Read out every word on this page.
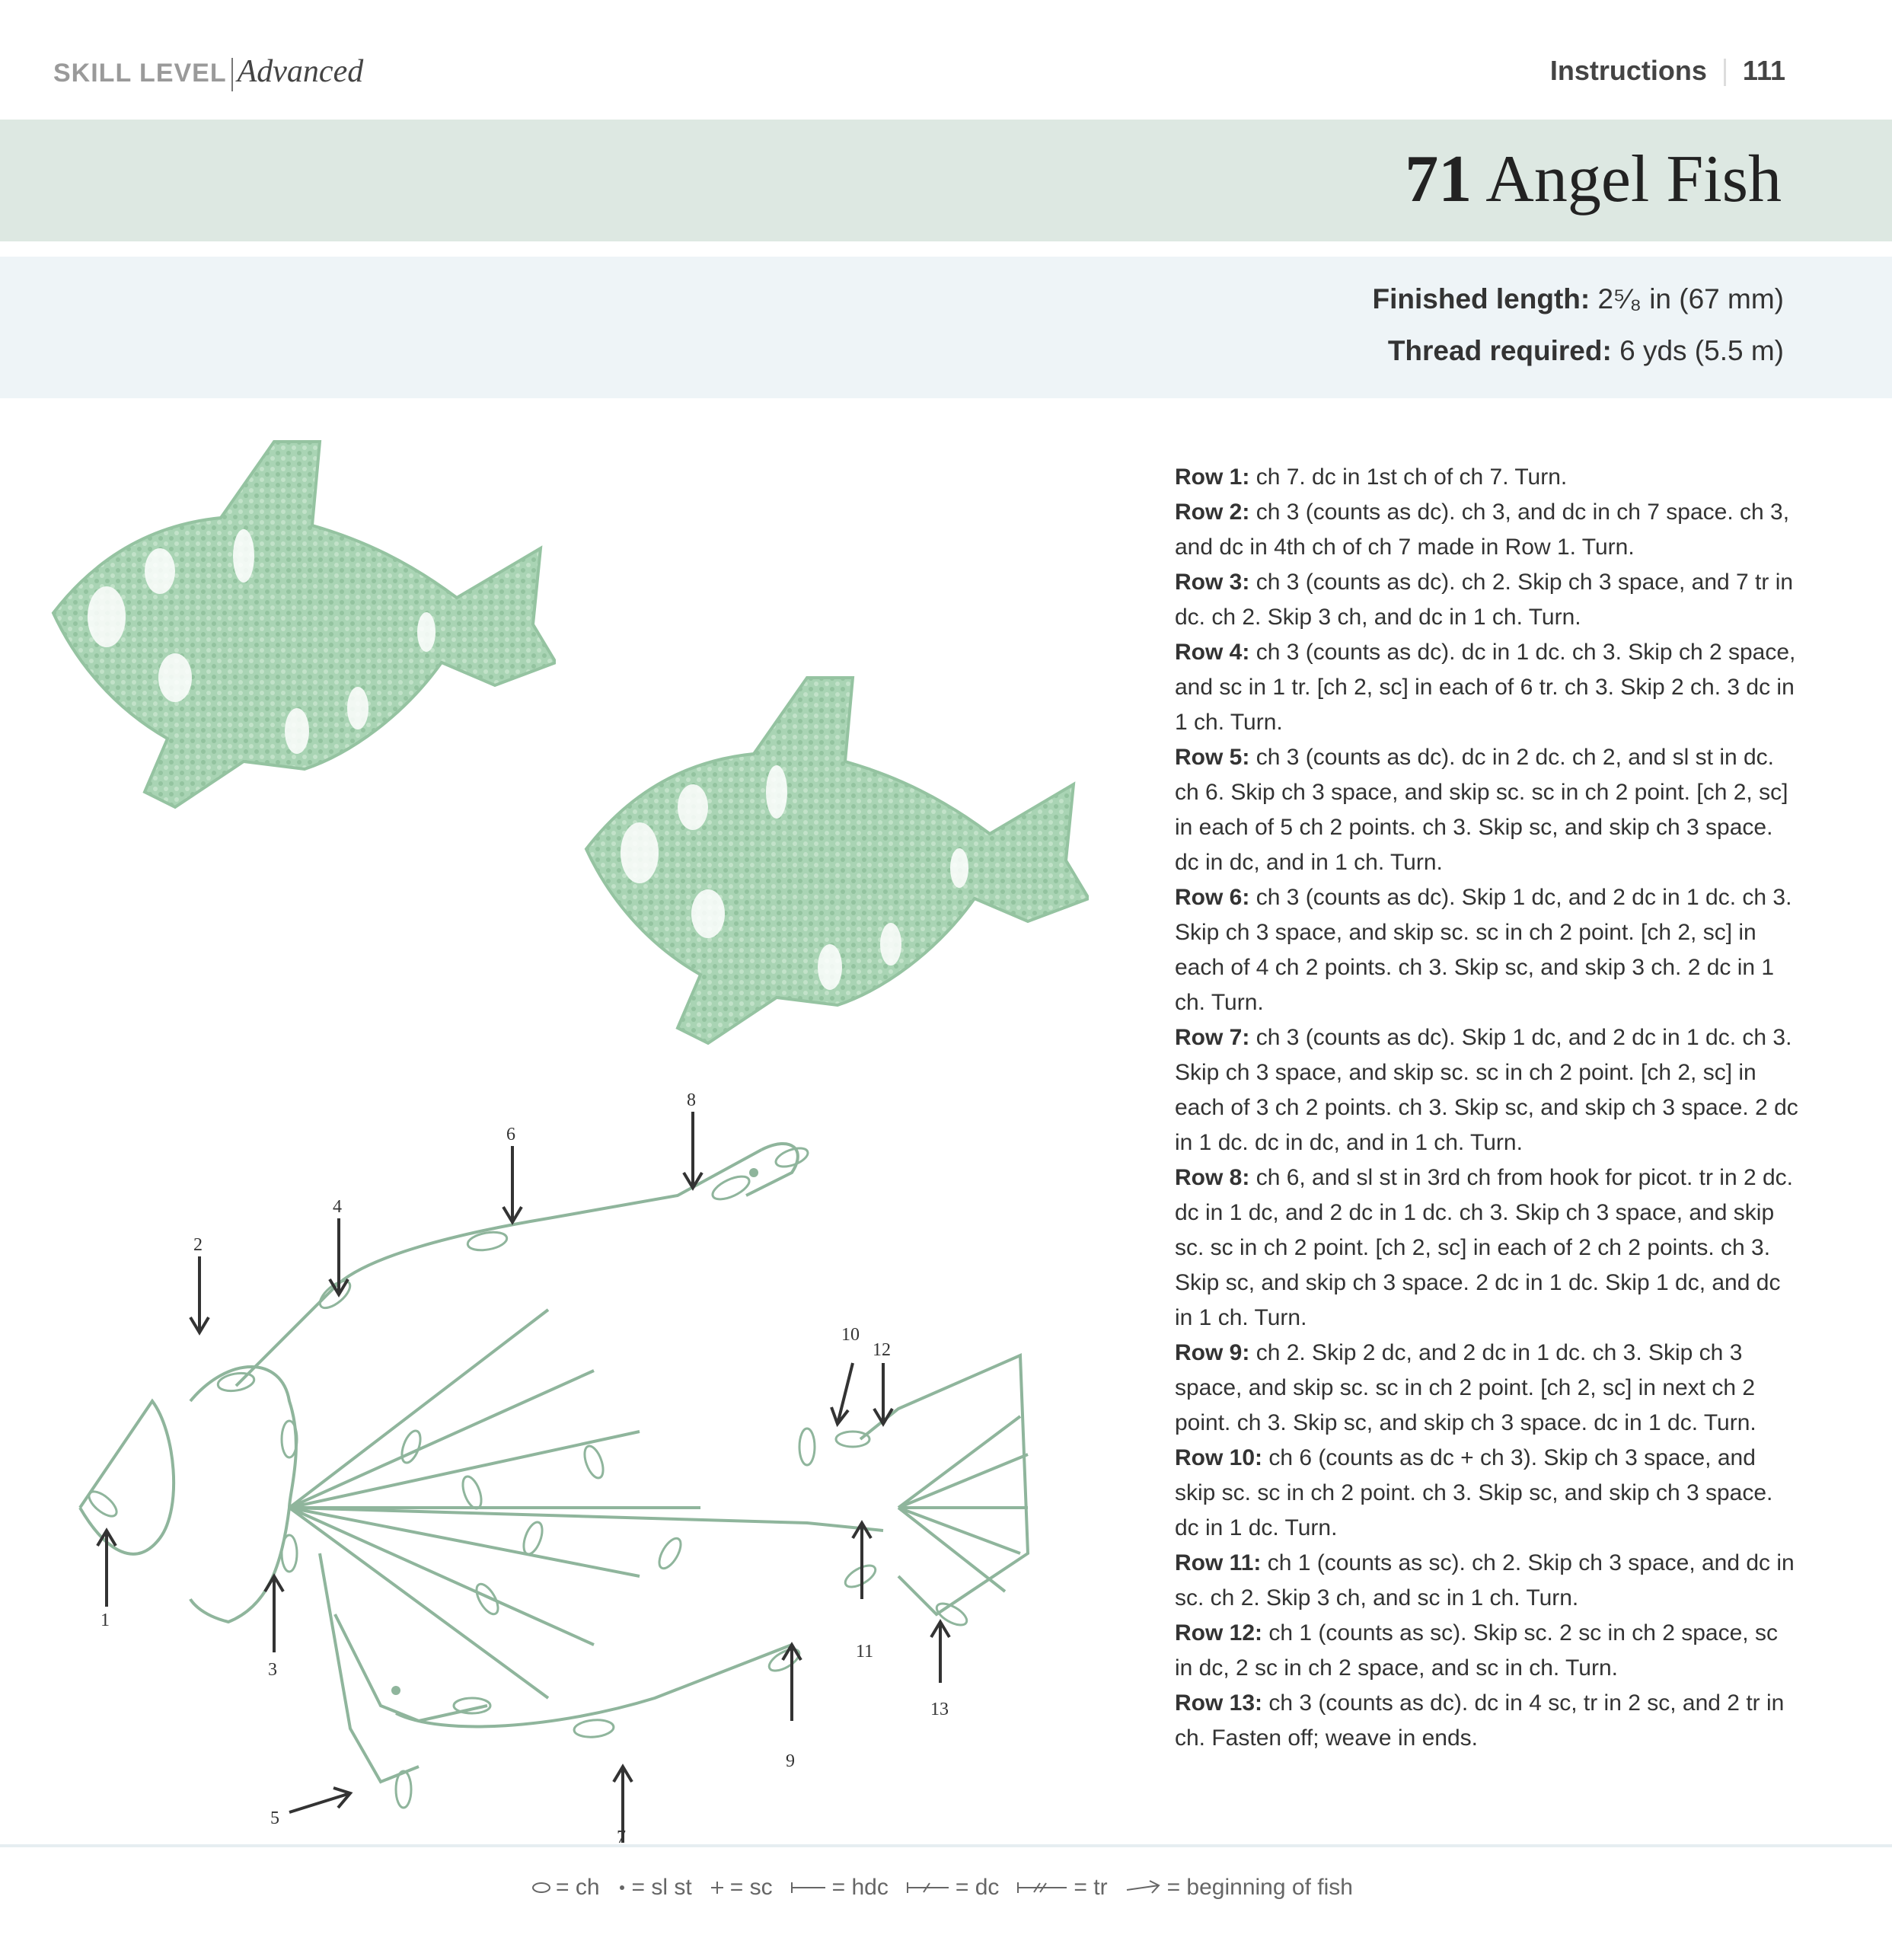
SKILL LEVEL Advanced	Instructions 111
71 Angel Fish
Finished length: 2⁵⁄₈ in (67 mm)
Thread required: 6 yds (5.5 m)

Row 1: ch 7. dc in 1st ch of ch 7. Turn.

Row 2: ch 3 (counts as dc). ch 3, and dc in ch 7 space. ch 3, and dc in 4th ch of ch 7 made in Row 1. Turn.

Row 3: ch 3 (counts as dc). ch 2. Skip ch 3 space, and 7 tr in dc. ch 2. Skip 3 ch, and dc in 1 ch. Turn.

Row 4: ch 3 (counts as dc). dc in 1 dc. ch 3. Skip ch 2 space, and sc in 1 tr. [ch 2, sc] in each of 6 tr. ch 3. Skip 2 ch. 3 dc in 1 ch. Turn.

Row 5: ch 3 (counts as dc). dc in 2 dc. ch 2, and sl st in dc. ch 6. Skip ch 3 space, and skip sc. sc in ch 2 point. [ch 2, sc] in each of 5 ch 2 points. ch 3. Skip sc, and skip ch 3 space. dc in dc, and in 1 ch. Turn.

Row 6: ch 3 (counts as dc). Skip 1 dc, and 2 dc in 1 dc. ch 3. Skip ch 3 space, and skip sc. sc in ch 2 point. [ch 2, sc] in each of 4 ch 2 points. ch 3. Skip sc, and skip 3 ch. 2 dc in 1 ch. Turn.

Row 7: ch 3 (counts as dc). Skip 1 dc, and 2 dc in 1 dc. ch 3. Skip ch 3 space, and skip sc. sc in ch 2 point. [ch 2, sc] in each of 3 ch 2 points. ch 3. Skip sc, and skip ch 3 space. 2 dc in 1 dc. dc in dc, and in 1 ch. Turn.

Row 8: ch 6, and sl st in 3rd ch from hook for picot. tr in 2 dc. dc in 1 dc, and 2 dc in 1 dc. ch 3. Skip ch 3 space, and skip sc. sc in ch 2 point. [ch 2, sc] in each of 2 ch 2 points. ch 3. Skip sc, and skip ch 3 space. 2 dc in 1 dc. Skip 1 dc, and dc in 1 ch. Turn.

Row 9: ch 2. Skip 2 dc, and 2 dc in 1 dc. ch 3. Skip ch 3 space, and skip sc. sc in ch 2 point. [ch 2, sc] in next ch 2 point. ch 3. Skip sc, and skip ch 3 space. dc in 1 dc. Turn.

Row 10: ch 6 (counts as dc + ch 3). Skip ch 3 space, and skip sc. sc in ch 2 point. ch 3. Skip sc, and skip ch 3 space. dc in 1 dc. Turn.

Row 11: ch 1 (counts as sc). ch 2. Skip ch 3 space, and dc in sc. ch 2. Skip 3 ch, and sc in 1 ch. Turn.

Row 12: ch 1 (counts as sc). Skip sc. 2 sc in ch 2 space, sc in dc, 2 sc in ch 2 space, and sc in ch. Turn.

Row 13: ch 3 (counts as dc). dc in 4 sc, tr in 2 sc, and 2 tr in ch. Fasten off; weave in ends.

1
2
3
4
5
6
7
8
9
10
11
12
13
= ch = sl st = sc	= hdc	= dc	= tr	= beginning of fish
